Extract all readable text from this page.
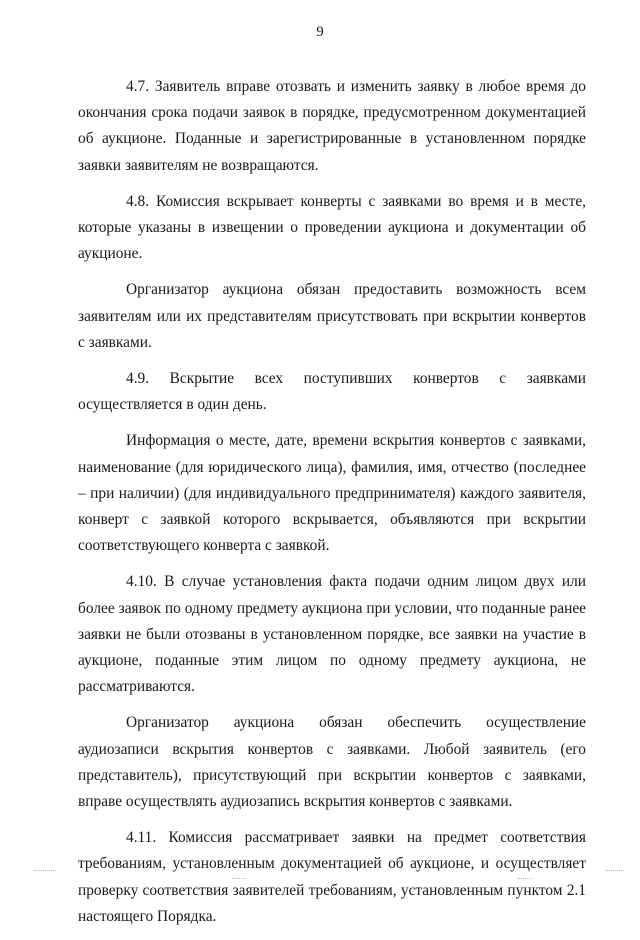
9

4.7. Заявитель вправе отозвать и изменить заявку в любое время до окончания срока подачи заявок в порядке, предусмотренном документацией об аукционе. Поданные и зарегистрированные в установленном порядке заявки заявителям не возвращаются.

4.8. Комиссия вскрывает конверты с заявками во время и в месте, которые указаны в извещении о проведении аукциона и документации об аукционе.

Организатор аукциона обязан предоставить возможность всем заявителям или их представителям присутствовать при вскрытии конвертов с заявками.

4.9. Вскрытие всех поступивших конвертов с заявками осуществляется в один день.

Информация о месте, дате, времени вскрытия конвертов с заявками, наименование (для юридического лица), фамилия, имя, отчество (последнее – при наличии) (для индивидуального предпринимателя) каждого заявителя, конверт с заявкой которого вскрывается, объявляются при вскрытии соответствующего конверта с заявкой.

4.10. В случае установления факта подачи одним лицом двух или более заявок по одному предмету аукциона при условии, что поданные ранее заявки не были отозваны в установленном порядке, все заявки на участие в аукционе, поданные этим лицом по одному предмету аукциона, не рассматриваются.

Организатор аукциона обязан обеспечить осуществление аудиозаписи вскрытия конвертов с заявками. Любой заявитель (его представитель), присутствующий при вскрытии конвертов с заявками, вправе осуществлять аудиозапись вскрытия конвертов с заявками.

4.11. Комиссия рассматривает заявки на предмет соответствия требованиям, установленным документацией об аукционе, и осуществляет проверку соответствия заявителей требованиям, установленным пунктом 2.1 настоящего Порядка.
